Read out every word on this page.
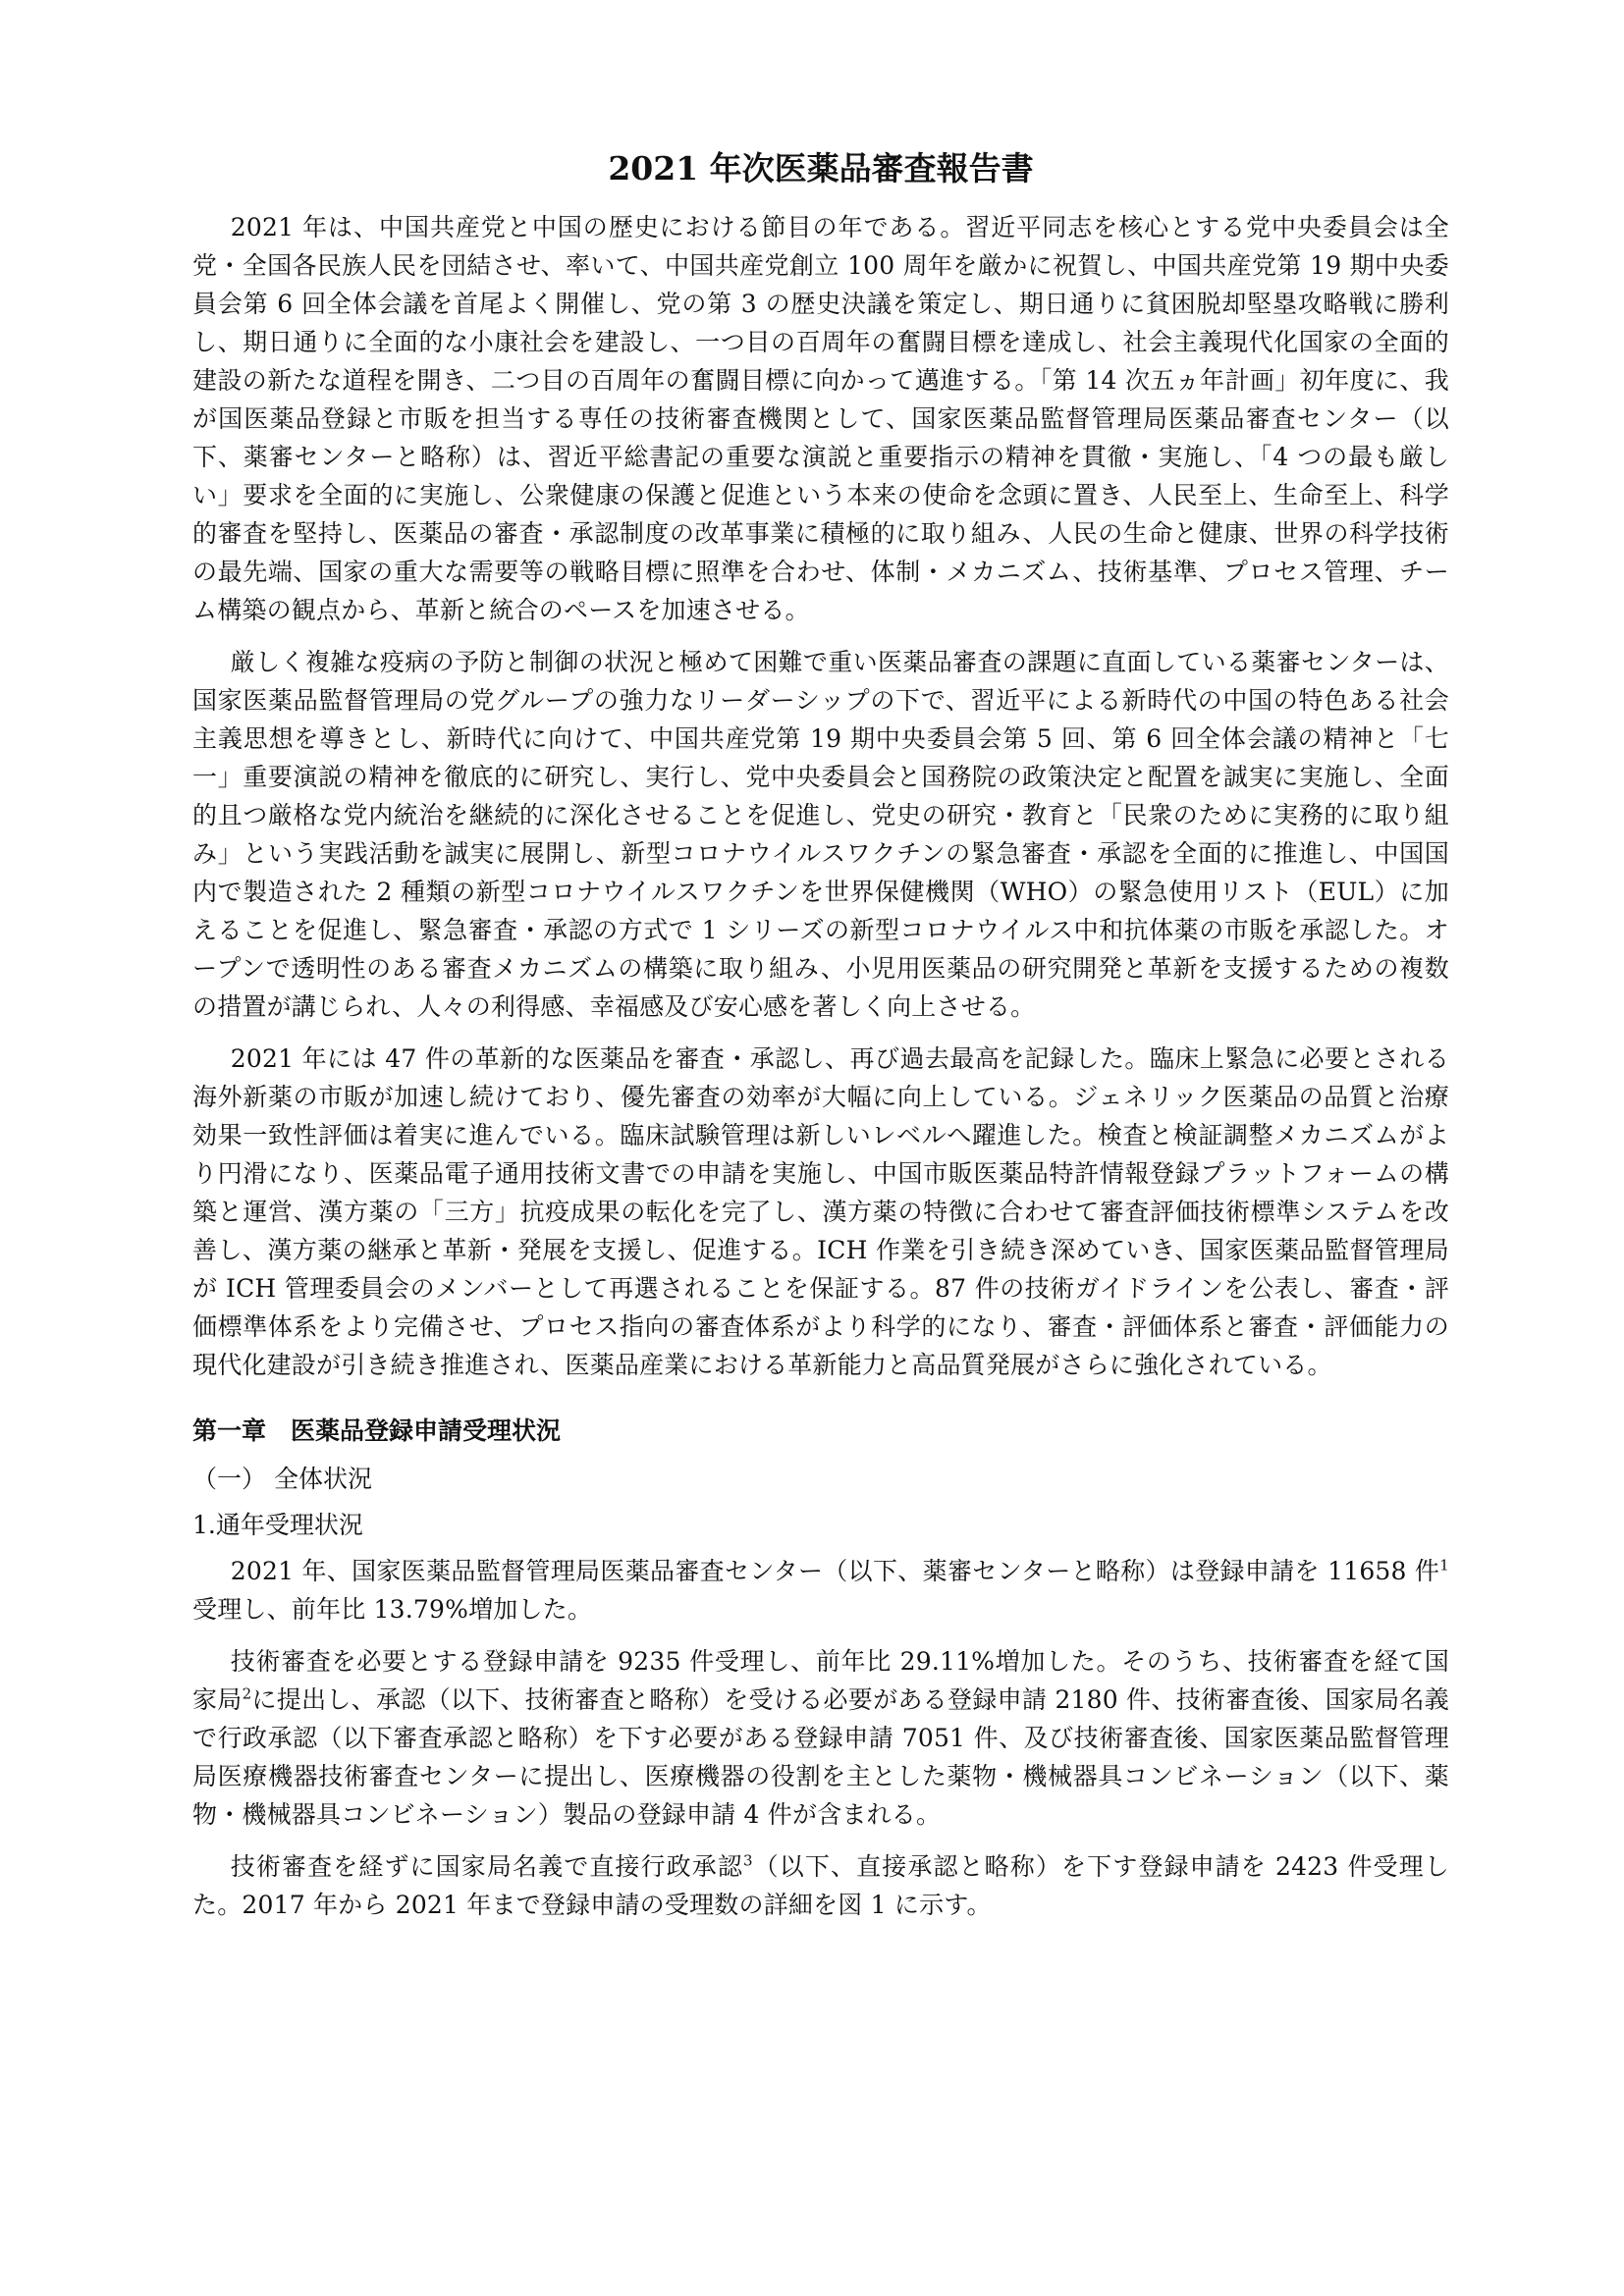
2021 年次医薬品審査報告書

2021 年は、中国共産党と中国の歴史における節目の年である。習近平同志を核心とする党中央委員会は全党・全国各民族人民を団結させ、率いて、中国共産党創立 100 周年を厳かに祝賀し、中国共産党第 19 期中央委員会第 6 回全体会議を首尾よく開催し、党の第 3 の歴史決議を策定し、期日通りに貧困脱却堅塁攻略戦に勝利し、期日通りに全面的な小康社会を建設し、一つ目の百周年の奮闘目標を達成し、社会主義現代化国家の全面的建設の新たな道程を開き、二つ目の百周年の奮闘目標に向かって邁進する。「第 14 次五ヵ年計画」初年度に、我が国医薬品登録と市販を担当する専任の技術審査機関として、国家医薬品監督管理局医薬品審査センター（以下、薬審センターと略称）は、習近平総書記の重要な演説と重要指示の精神を貫徹・実施し、「4 つの最も厳しい」要求を全面的に実施し、公衆健康の保護と促進という本来の使命を念頭に置き、人民至上、生命至上、科学的審査を堅持し、医薬品の審査・承認制度の改革事業に積極的に取り組み、人民の生命と健康、世界の科学技術の最先端、国家の重大な需要等の戦略目標に照準を合わせ、体制・メカニズム、技術基準、プロセス管理、チーム構築の観点から、革新と統合のペースを加速させる。

厳しく複雑な疫病の予防と制御の状況と極めて困難で重い医薬品審査の課題に直面している薬審センターは、国家医薬品監督管理局の党グループの強力なリーダーシップの下で、習近平による新時代の中国の特色ある社会主義思想を導きとし、新時代に向けて、中国共産党第 19 期中央委員会第 5 回、第 6 回全体会議の精神と「七一」重要演説の精神を徹底的に研究し、実行し、党中央委員会と国務院の政策決定と配置を誠実に実施し、全面的且つ厳格な党内統治を継続的に深化させることを促進し、党史の研究・教育と「民衆のために実務的に取り組み」という実践活動を誠実に展開し、新型コロナウイルスワクチンの緊急審査・承認を全面的に推進し、中国国内で製造された 2 種類の新型コロナウイルスワクチンを世界保健機関（WHO）の緊急使用リスト（EUL）に加えることを促進し、緊急審査・承認の方式で 1 シリーズの新型コロナウイルス中和抗体薬の市販を承認した。オープンで透明性のある審査メカニズムの構築に取り組み、小児用医薬品の研究開発と革新を支援するための複数の措置が講じられ、人々の利得感、幸福感及び安心感を著しく向上させる。

2021 年には 47 件の革新的な医薬品を審査・承認し、再び過去最高を記録した。臨床上緊急に必要とされる海外新薬の市販が加速し続けており、優先審査の効率が大幅に向上している。ジェネリック医薬品の品質と治療効果一致性評価は着実に進んでいる。臨床試験管理は新しいレベルへ躍進した。検査と検証調整メカニズムがより円滑になり、医薬品電子通用技術文書での申請を実施し、中国市販医薬品特許情報登録プラットフォームの構築と運営、漢方薬の「三方」抗疫成果の転化を完了し、漢方薬の特徴に合わせて審査評価技術標準システムを改善し、漢方薬の継承と革新・発展を支援し、促進する。ICH 作業を引き続き深めていき、国家医薬品監督管理局が ICH 管理委員会のメンバーとして再選されることを保証する。87 件の技術ガイドラインを公表し、審査・評価標準体系をより完備させ、プロセス指向の審査体系がより科学的になり、審査・評価体系と審査・評価能力の現代化建設が引き続き推進され、医薬品産業における革新能力と高品質発展がさらに強化されている。

第一章　医薬品登録申請受理状況
（一） 全体状況
1.通年受理状況

2021 年、国家医薬品監督管理局医薬品審査センター（以下、薬審センターと略称）は登録申請を 11658 件$^1$受理し、前年比 13.79%増加した。

技術審査を必要とする登録申請を 9235 件受理し、前年比 29.11%増加した。そのうち、技術審査を経て国家局$^2$に提出し、承認（以下、技術審査と略称）を受ける必要がある登録申請 2180 件、技術審査後、国家局名義で行政承認（以下審査承認と略称）を下す必要がある登録申請 7051 件、及び技術審査後、国家医薬品監督管理局医療機器技術審査センターに提出し、医療機器の役割を主とした薬物・機械器具コンビネーション（以下、薬物・機械器具コンビネーション）製品の登録申請 4 件が含まれる。

技術審査を経ずに国家局名義で直接行政承認$^3$（以下、直接承認と略称）を下す登録申請を 2423 件受理した。2017 年から 2021 年まで登録申請の受理数の詳細を図 1 に示す。
